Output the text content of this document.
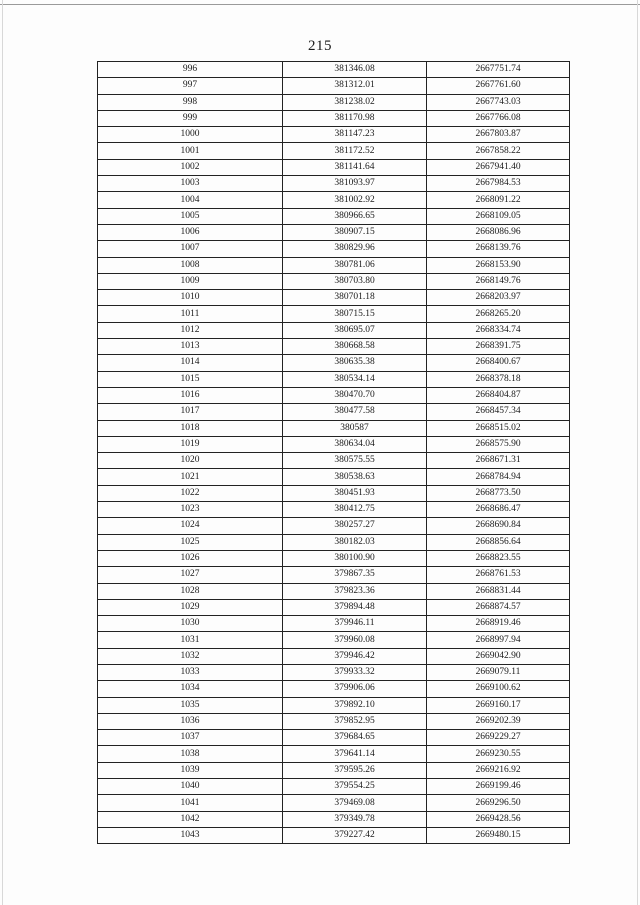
215
996	381346.08	2667751.74
997	381312.01	2667761.60
998	381238.02	2667743.03
999	381170.98	2667766.08
1000	381147.23	2667803.87
1001	381172.52	2667858.22
1002	381141.64	2667941.40
1003	381093.97	2667984.53
1004	381002.92	2668091.22
1005	380966.65	2668109.05
1006	380907.15	2668086.96
1007	380829.96	2668139.76
1008	380781.06	2668153.90
1009	380703.80	2668149.76
1010	380701.18	2668203.97
1011	380715.15	2668265.20
1012	380695.07	2668334.74
1013	380668.58	2668391.75
1014	380635.38	2668400.67
1015	380534.14	2668378.18
1016	380470.70	2668404.87
1017	380477.58	2668457.34
1018	380587	2668515.02
1019	380634.04	2668575.90
1020	380575.55	2668671.31
1021	380538.63	2668784.94
1022	380451.93	2668773.50
1023	380412.75	2668686.47
1024	380257.27	2668690.84
1025	380182.03	2668856.64
1026	380100.90	2668823.55
1027	379867.35	2668761.53
1028	379823.36	2668831.44
1029	379894.48	2668874.57
1030	379946.11	2668919.46
1031	379960.08	2668997.94
1032	379946.42	2669042.90
1033	379933.32	2669079.11
1034	379906.06	2669100.62
1035	379892.10	2669160.17
1036	379852.95	2669202.39
1037	379684.65	2669229.27
1038	379641.14	2669230.55
1039	379595.26	2669216.92
1040	379554.25	2669199.46
1041	379469.08	2669296.50
1042	379349.78	2669428.56
1043	379227.42	2669480.15
